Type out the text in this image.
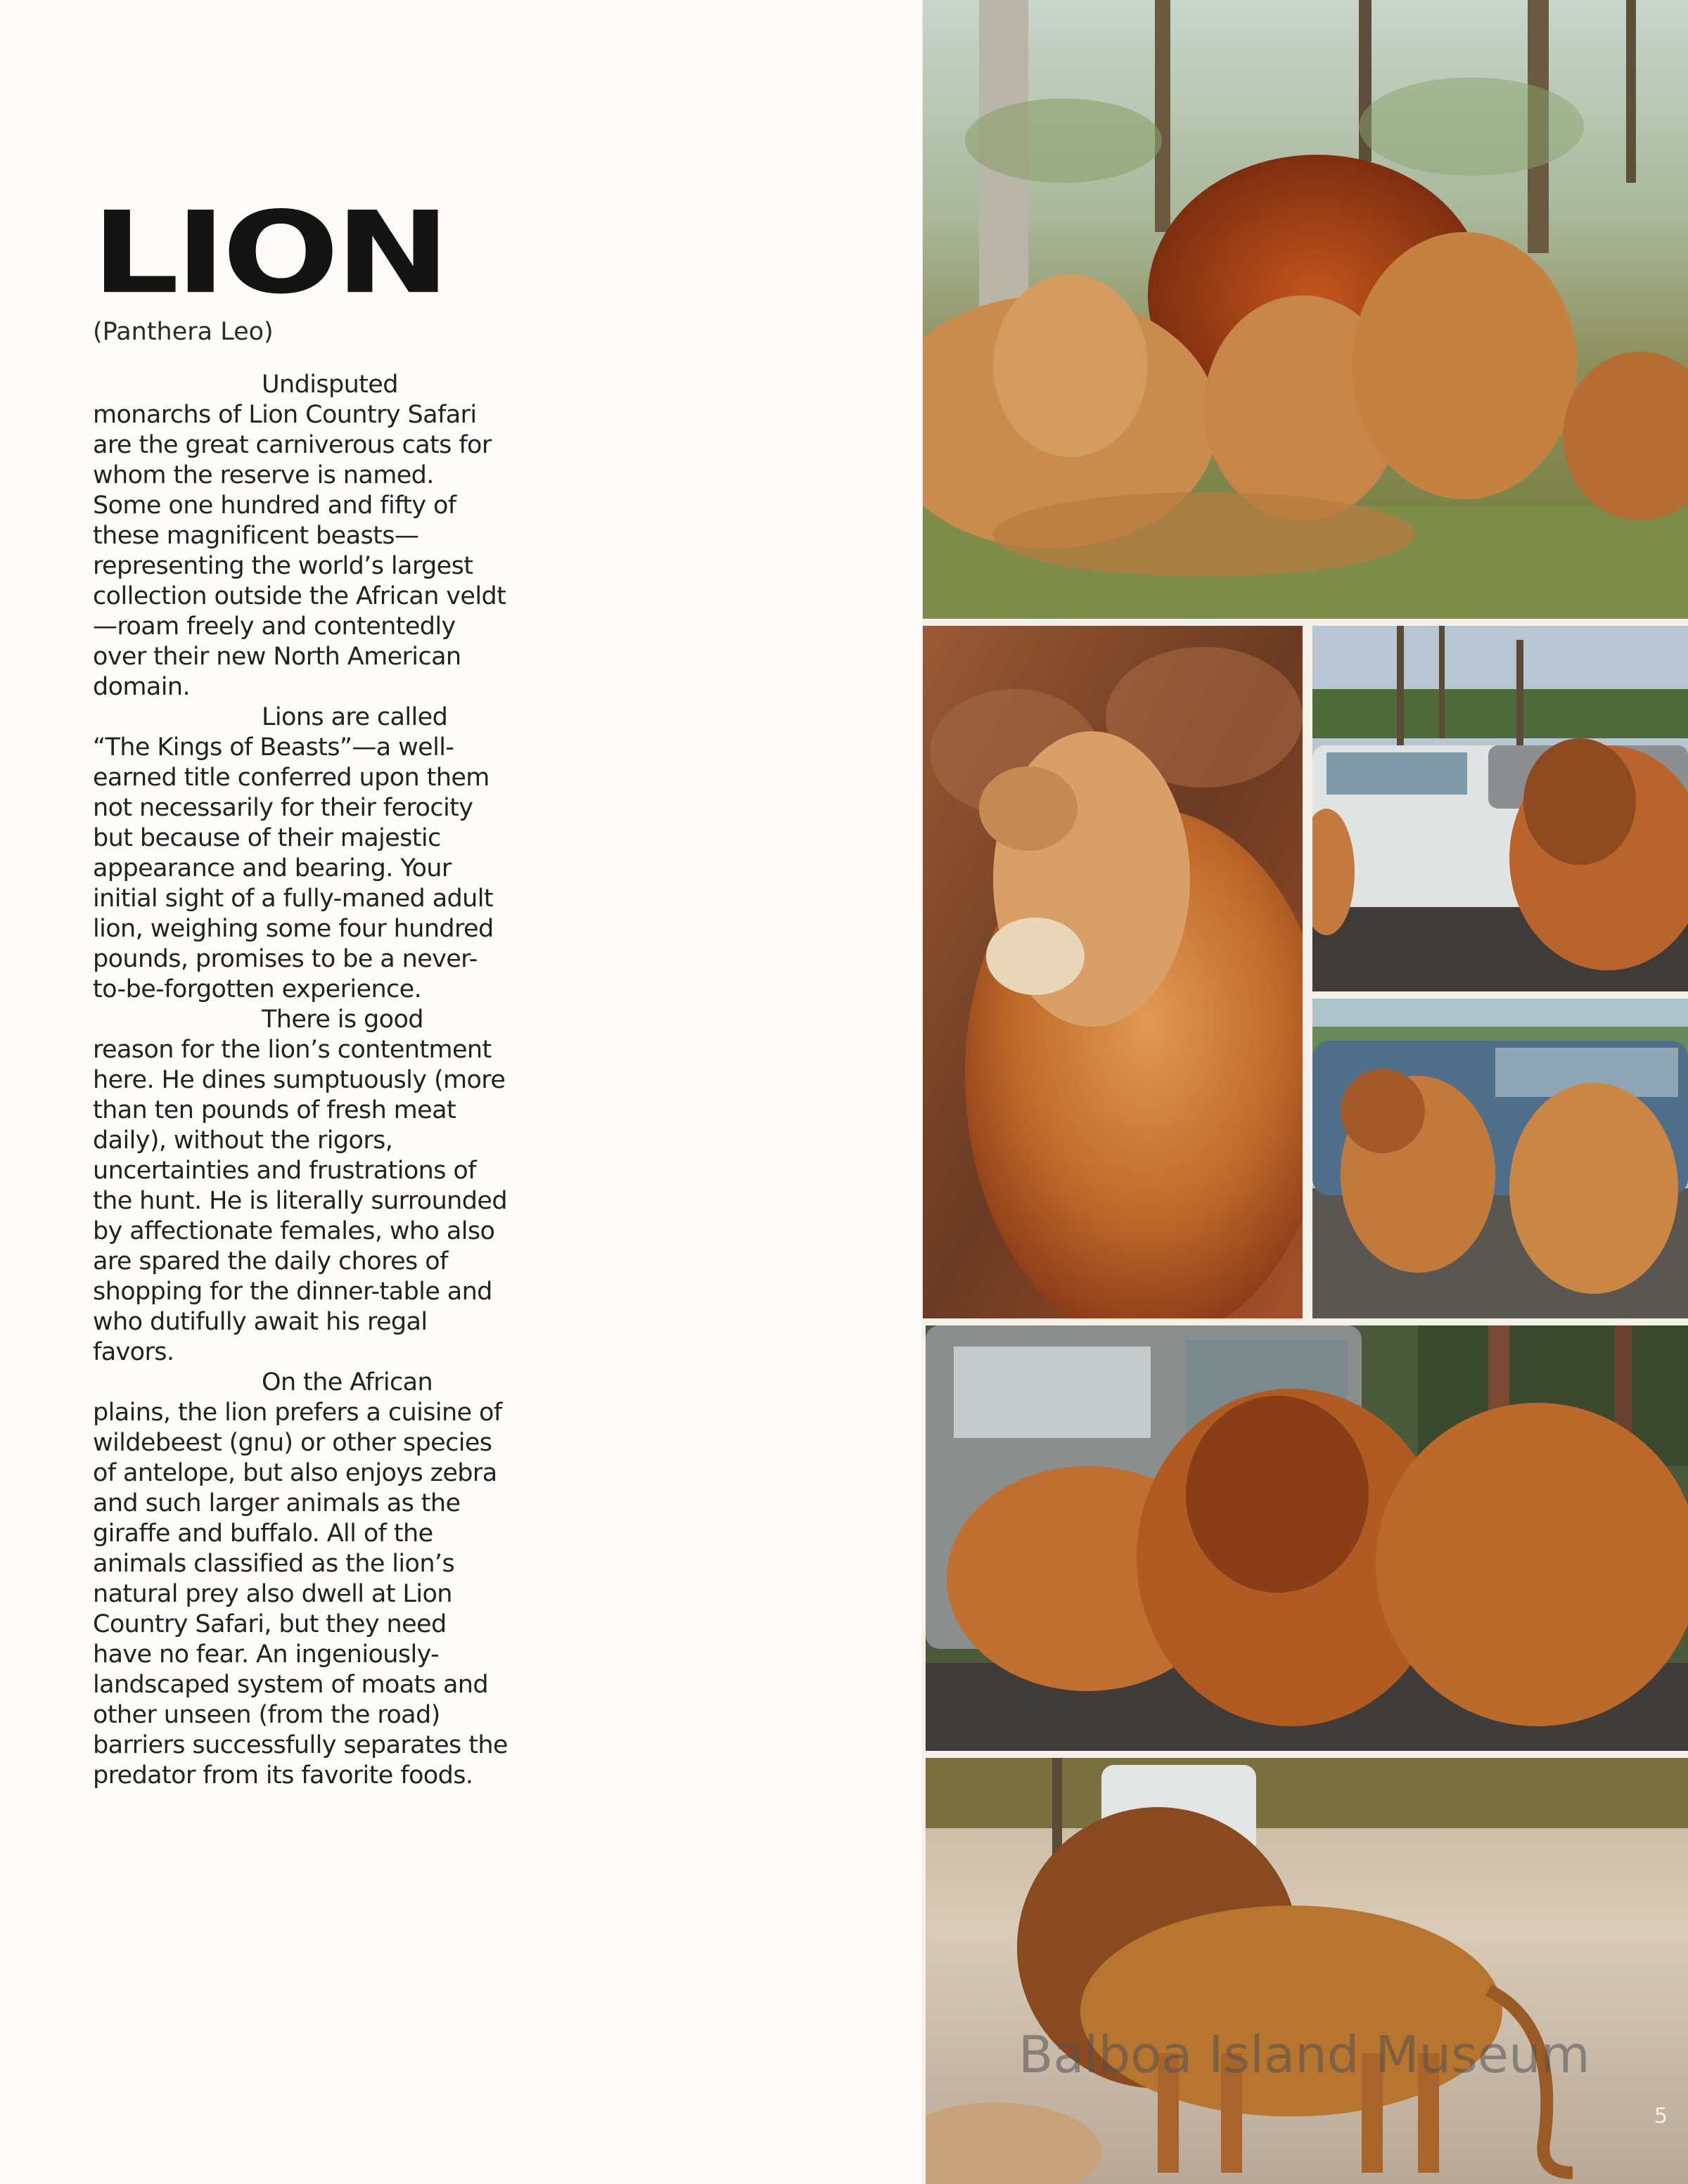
LION
(Panthera Leo)

Undisputed monarchs of Lion Country Safari are the great carniverous cats for whom the reserve is named. Some one hundred and fifty of these magnificent beasts—representing the world’s largest collection outside the African veldt—roam freely and contentedly over their new North American domain.

Lions are called “The Kings of Beasts”—a well-earned title conferred upon them not necessarily for their ferocity but because of their majestic appearance and bearing. Your initial sight of a fully-maned adult lion, weighing some four hundred pounds, promises to be a never-to-be-forgotten experience.

There is good reason for the lion’s contentment here. He dines sumptuously (more than ten pounds of fresh meat daily), without the rigors, uncertainties and frustrations of the hunt. He is literally surrounded by affectionate females, who also are spared the daily chores of shopping for the dinner-table and who dutifully await his regal favors.

On the African plains, the lion prefers a cuisine of wildebeest (gnu) or other species of antelope, but also enjoys zebra and such larger animals as the giraffe and buffalo. All of the animals classified as the lion’s natural prey also dwell at Lion Country Safari, but they need have no fear. An ingeniously-landscaped system of moats and other unseen (from the road) barriers successfully separates the predator from its favorite foods.

Balboa Island Museum
5
